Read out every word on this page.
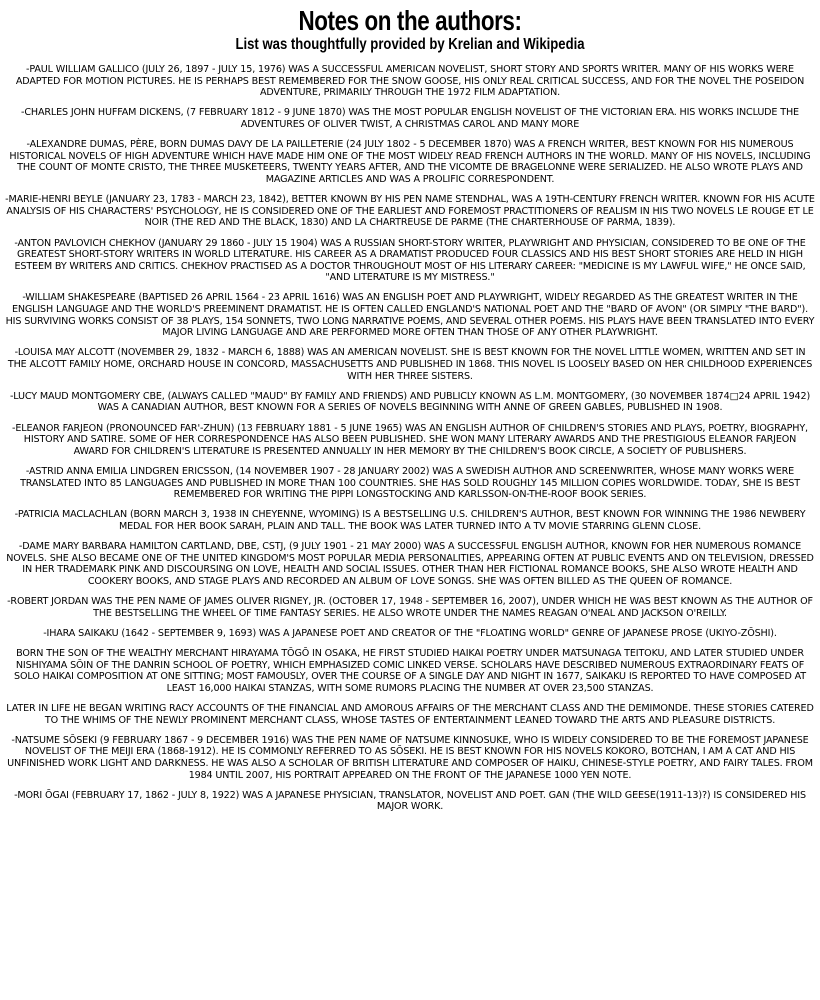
Notes on the authors:
List was thoughtfully provided by Krelian and Wikipedia

-PAUL WILLIAM GALLICO (JULY 26, 1897 - JULY 15, 1976) WAS A SUCCESSFUL AMERICAN NOVELIST, SHORT STORY AND SPORTS WRITER. MANY OF HIS WORKS WERE ADAPTED FOR MOTION PICTURES. HE IS PERHAPS BEST REMEMBERED FOR THE SNOW GOOSE, HIS ONLY REAL CRITICAL SUCCESS, AND FOR THE NOVEL THE POSEIDON ADVENTURE, PRIMARILY THROUGH THE 1972 FILM ADAPTATION.

-CHARLES JOHN HUFFAM DICKENS, (7 FEBRUARY 1812 - 9 JUNE 1870) WAS THE MOST POPULAR ENGLISH NOVELIST OF THE VICTORIAN ERA. HIS WORKS INCLUDE THE ADVENTURES OF OLIVER TWIST, A CHRISTMAS CAROL AND MANY MORE

-ALEXANDRE DUMAS, PÈRE, BORN DUMAS DAVY DE LA PAILLETERIE (24 JULY 1802 - 5 DECEMBER 1870) WAS A FRENCH WRITER, BEST KNOWN FOR HIS NUMEROUS HISTORICAL NOVELS OF HIGH ADVENTURE WHICH HAVE MADE HIM ONE OF THE MOST WIDELY READ FRENCH AUTHORS IN THE WORLD. MANY OF HIS NOVELS, INCLUDING THE COUNT OF MONTE CRISTO, THE THREE MUSKETEERS, TWENTY YEARS AFTER, AND THE VICOMTE DE BRAGELONNE WERE SERIALIZED. HE ALSO WROTE PLAYS AND MAGAZINE ARTICLES AND WAS A PROLIFIC CORRESPONDENT.

-MARIE-HENRI BEYLE (JANUARY 23, 1783 - MARCH 23, 1842), BETTER KNOWN BY HIS PEN NAME STENDHAL, WAS A 19TH-CENTURY FRENCH WRITER. KNOWN FOR HIS ACUTE ANALYSIS OF HIS CHARACTERS' PSYCHOLOGY, HE IS CONSIDERED ONE OF THE EARLIEST AND FOREMOST PRACTITIONERS OF REALISM IN HIS TWO NOVELS LE ROUGE ET LE NOIR (THE RED AND THE BLACK, 1830) AND LA CHARTREUSE DE PARME (THE CHARTERHOUSE OF PARMA, 1839).

-ANTON PAVLOVICH CHEKHOV (JANUARY 29 1860 - JULY 15 1904) WAS A RUSSIAN SHORT-STORY WRITER, PLAYWRIGHT AND PHYSICIAN, CONSIDERED TO BE ONE OF THE GREATEST SHORT-STORY WRITERS IN WORLD LITERATURE. HIS CAREER AS A DRAMATIST PRODUCED FOUR CLASSICS AND HIS BEST SHORT STORIES ARE HELD IN HIGH ESTEEM BY WRITERS AND CRITICS. CHEKHOV PRACTISED AS A DOCTOR THROUGHOUT MOST OF HIS LITERARY CAREER: "MEDICINE IS MY LAWFUL WIFE," HE ONCE SAID, "AND LITERATURE IS MY MISTRESS."

-WILLIAM SHAKESPEARE (BAPTISED 26 APRIL 1564 - 23 APRIL 1616) WAS AN ENGLISH POET AND PLAYWRIGHT, WIDELY REGARDED AS THE GREATEST WRITER IN THE ENGLISH LANGUAGE AND THE WORLD'S PREEMINENT DRAMATIST. HE IS OFTEN CALLED ENGLAND'S NATIONAL POET AND THE "BARD OF AVON" (OR SIMPLY "THE BARD"). HIS SURVIVING WORKS CONSIST OF 38 PLAYS, 154 SONNETS, TWO LONG NARRATIVE POEMS, AND SEVERAL OTHER POEMS. HIS PLAYS HAVE BEEN TRANSLATED INTO EVERY MAJOR LIVING LANGUAGE AND ARE PERFORMED MORE OFTEN THAN THOSE OF ANY OTHER PLAYWRIGHT.

-LOUISA MAY ALCOTT (NOVEMBER 29, 1832 - MARCH 6, 1888) WAS AN AMERICAN NOVELIST. SHE IS BEST KNOWN FOR THE NOVEL LITTLE WOMEN, WRITTEN AND SET IN THE ALCOTT FAMILY HOME, ORCHARD HOUSE IN CONCORD, MASSACHUSETTS AND PUBLISHED IN 1868. THIS NOVEL IS LOOSELY BASED ON HER CHILDHOOD EXPERIENCES WITH HER THREE SISTERS.

-LUCY MAUD MONTGOMERY CBE, (ALWAYS CALLED "MAUD" BY FAMILY AND FRIENDS) AND PUBLICLY KNOWN AS L.M. MONTGOMERY, (30 NOVEMBER 1874□24 APRIL 1942) WAS A CANADIAN AUTHOR, BEST KNOWN FOR A SERIES OF NOVELS BEGINNING WITH ANNE OF GREEN GABLES, PUBLISHED IN 1908.

-ELEANOR FARJEON (PRONOUNCED FAR'-ZHUN) (13 FEBRUARY 1881 - 5 JUNE 1965) WAS AN ENGLISH AUTHOR OF CHILDREN'S STORIES AND PLAYS, POETRY, BIOGRAPHY, HISTORY AND SATIRE. SOME OF HER CORRESPONDENCE HAS ALSO BEEN PUBLISHED. SHE WON MANY LITERARY AWARDS AND THE PRESTIGIOUS ELEANOR FARJEON AWARD FOR CHILDREN'S LITERATURE IS PRESENTED ANNUALLY IN HER MEMORY BY THE CHILDREN'S BOOK CIRCLE, A SOCIETY OF PUBLISHERS.

-ASTRID ANNA EMILIA LINDGREN ERICSSON, (14 NOVEMBER 1907 - 28 JANUARY 2002) WAS A SWEDISH AUTHOR AND SCREENWRITER, WHOSE MANY WORKS WERE TRANSLATED INTO 85 LANGUAGES AND PUBLISHED IN MORE THAN 100 COUNTRIES. SHE HAS SOLD ROUGHLY 145 MILLION COPIES WORLDWIDE. TODAY, SHE IS BEST REMEMBERED FOR WRITING THE PIPPI LONGSTOCKING AND KARLSSON-ON-THE-ROOF BOOK SERIES.

-PATRICIA MACLACHLAN (BORN MARCH 3, 1938 IN CHEYENNE, WYOMING) IS A BESTSELLING U.S. CHILDREN'S AUTHOR, BEST KNOWN FOR WINNING THE 1986 NEWBERY MEDAL FOR HER BOOK SARAH, PLAIN AND TALL. THE BOOK WAS LATER TURNED INTO A TV MOVIE STARRING GLENN CLOSE.

-DAME MARY BARBARA HAMILTON CARTLAND, DBE, CSTJ, (9 JULY 1901 - 21 MAY 2000) WAS A SUCCESSFUL ENGLISH AUTHOR, KNOWN FOR HER NUMEROUS ROMANCE NOVELS. SHE ALSO BECAME ONE OF THE UNITED KINGDOM'S MOST POPULAR MEDIA PERSONALITIES, APPEARING OFTEN AT PUBLIC EVENTS AND ON TELEVISION, DRESSED IN HER TRADEMARK PINK AND DISCOURSING ON LOVE, HEALTH AND SOCIAL ISSUES. OTHER THAN HER FICTIONAL ROMANCE BOOKS, SHE ALSO WROTE HEALTH AND COOKERY BOOKS, AND STAGE PLAYS AND RECORDED AN ALBUM OF LOVE SONGS. SHE WAS OFTEN BILLED AS THE QUEEN OF ROMANCE.

-ROBERT JORDAN WAS THE PEN NAME OF JAMES OLIVER RIGNEY, JR. (OCTOBER 17, 1948 - SEPTEMBER 16, 2007), UNDER WHICH HE WAS BEST KNOWN AS THE AUTHOR OF THE BESTSELLING THE WHEEL OF TIME FANTASY SERIES. HE ALSO WROTE UNDER THE NAMES REAGAN O'NEAL AND JACKSON O'REILLY.

-IHARA SAIKAKU (1642 - SEPTEMBER 9, 1693) WAS A JAPANESE POET AND CREATOR OF THE "FLOATING WORLD" GENRE OF JAPANESE PROSE (UKIYO-ZŌSHI).

BORN THE SON OF THE WEALTHY MERCHANT HIRAYAMA TŌGŌ IN OSAKA, HE FIRST STUDIED HAIKAI POETRY UNDER MATSUNAGA TEITOKU, AND LATER STUDIED UNDER NISHIYAMA SŌIN OF THE DANRIN SCHOOL OF POETRY, WHICH EMPHASIZED COMIC LINKED VERSE. SCHOLARS HAVE DESCRIBED NUMEROUS EXTRAORDINARY FEATS OF SOLO HAIKAI COMPOSITION AT ONE SITTING; MOST FAMOUSLY, OVER THE COURSE OF A SINGLE DAY AND NIGHT IN 1677, SAIKAKU IS REPORTED TO HAVE COMPOSED AT LEAST 16,000 HAIKAI STANZAS, WITH SOME RUMORS PLACING THE NUMBER AT OVER 23,500 STANZAS.

LATER IN LIFE HE BEGAN WRITING RACY ACCOUNTS OF THE FINANCIAL AND AMOROUS AFFAIRS OF THE MERCHANT CLASS AND THE DEMIMONDE. THESE STORIES CATERED TO THE WHIMS OF THE NEWLY PROMINENT MERCHANT CLASS, WHOSE TASTES OF ENTERTAINMENT LEANED TOWARD THE ARTS AND PLEASURE DISTRICTS.

-NATSUME SŌSEKI (9 FEBRUARY 1867 - 9 DECEMBER 1916) WAS THE PEN NAME OF NATSUME KINNOSUKE, WHO IS WIDELY CONSIDERED TO BE THE FOREMOST JAPANESE NOVELIST OF THE MEIJI ERA (1868-1912). HE IS COMMONLY REFERRED TO AS SŌSEKI. HE IS BEST KNOWN FOR HIS NOVELS KOKORO, BOTCHAN, I AM A CAT AND HIS UNFINISHED WORK LIGHT AND DARKNESS. HE WAS ALSO A SCHOLAR OF BRITISH LITERATURE AND COMPOSER OF HAIKU, CHINESE-STYLE POETRY, AND FAIRY TALES. FROM 1984 UNTIL 2007, HIS PORTRAIT APPEARED ON THE FRONT OF THE JAPANESE 1000 YEN NOTE.

-MORI ŌGAI (FEBRUARY 17, 1862 - JULY 8, 1922) WAS A JAPANESE PHYSICIAN, TRANSLATOR, NOVELIST AND POET. GAN (THE WILD GEESE(1911-13)?) IS CONSIDERED HIS MAJOR WORK.
